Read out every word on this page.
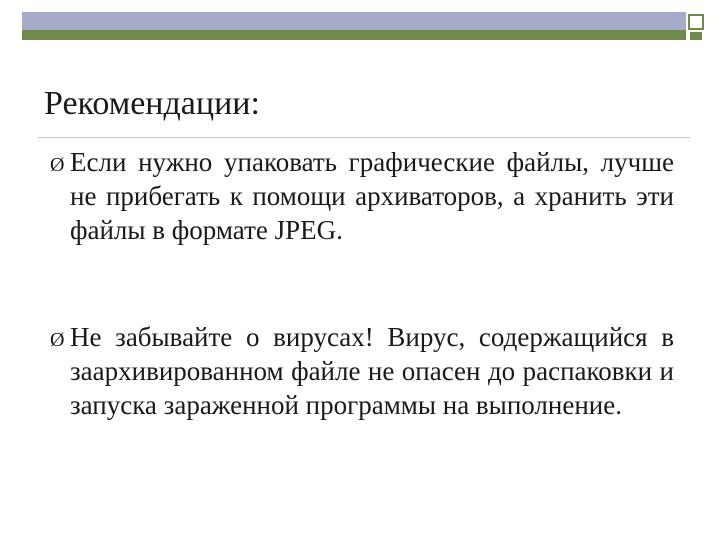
Рекомендации:
Ø Если нужно упаковать графические файлы, лучше не прибегать к помощи архиваторов, а хранить эти файлы в формате JPEG.
Ø Не забывайте о вирусах! Вирус, содержащийся в заархивированном файле не опасен до распаковки и запуска зараженной программы на выполнение.
